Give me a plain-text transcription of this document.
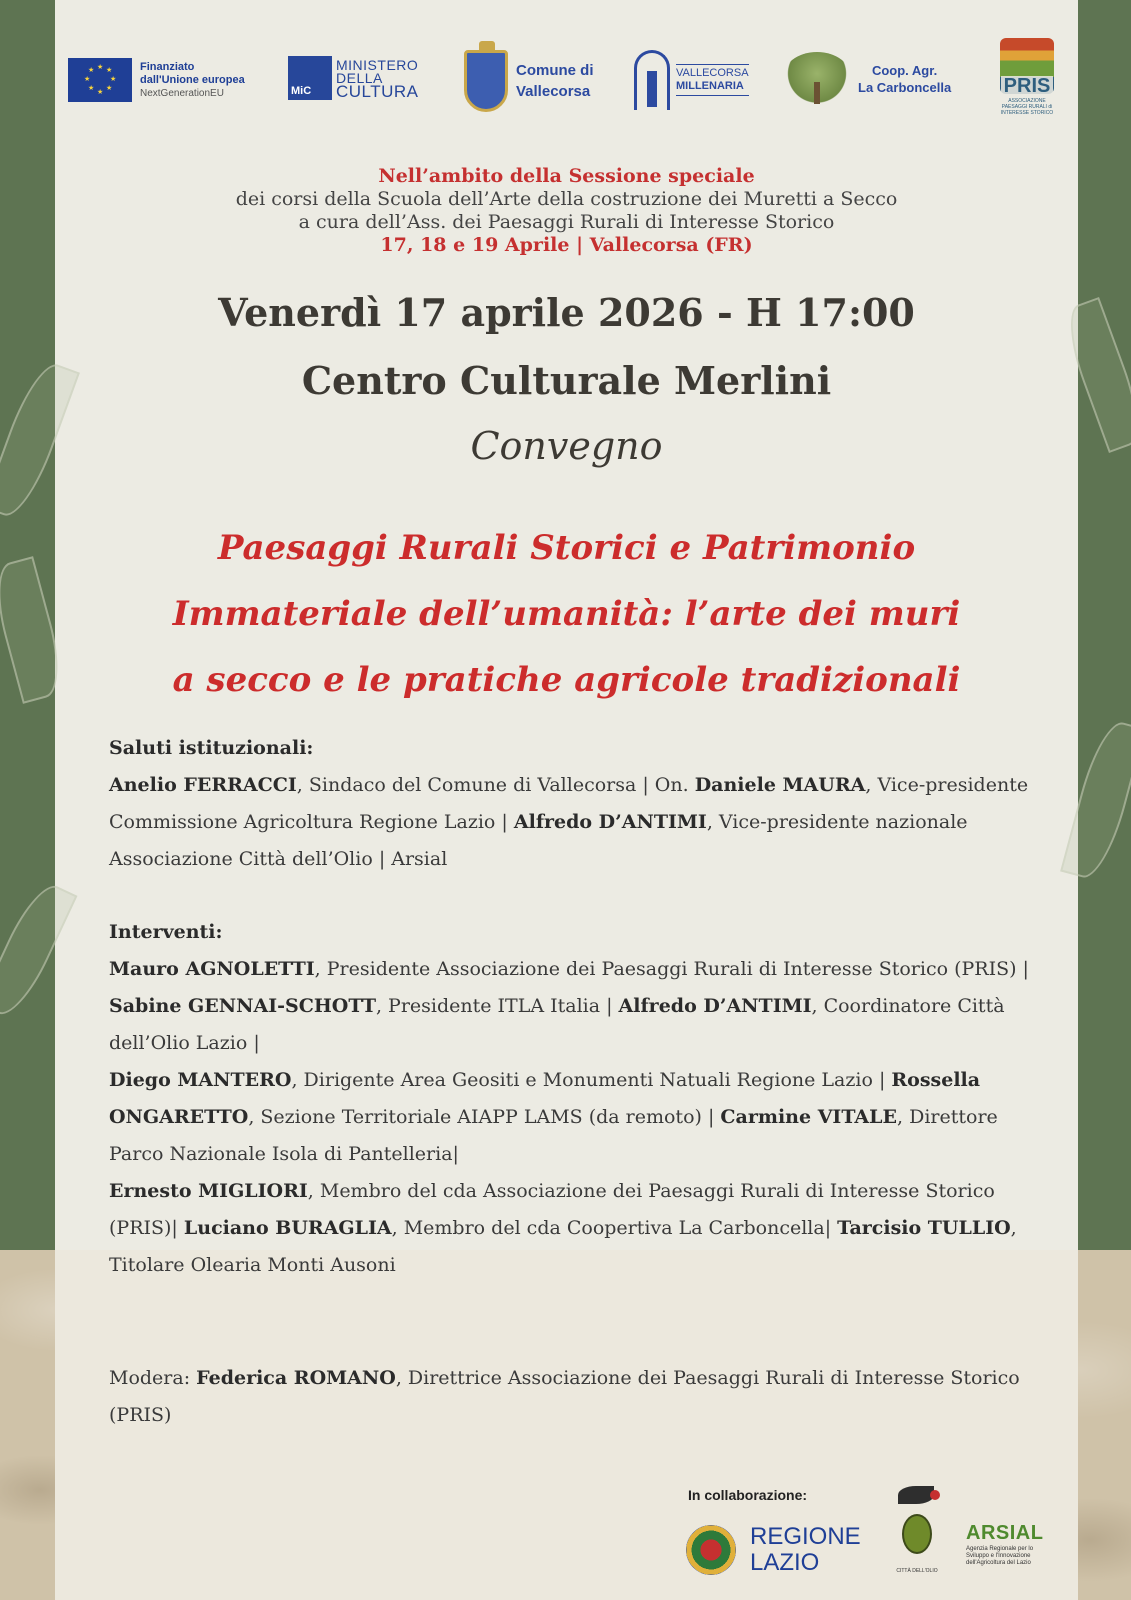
★ ★
★
★
★
★
★
★	Finanziato
dall'Unione europea
NextGenerationEU	MiC
MINISTERO
DELLA
CULTURA
Comune di
Vallecorsa
VALLECORSA
MILLENARIA
Coop. Agr.
La Carboncella	PRIS
ASSOCIAZIONE
PAESAGGI RURALI di
INTERESSE STORICO
Nell’ambito della Sessione speciale
dei corsi della Scuola dell’Arte della costruzione dei Muretti a Secco
a cura dell’Ass. dei Paesaggi Rurali di Interesse Storico
17, 18 e 19 Aprile | Vallecorsa (FR)
Venerdì 17 aprile 2026 - H 17:00
Centro Culturale Merlini
Convegno
Paesaggi Rurali Storici e Patrimonio
Immateriale dell’umanità: l’arte dei muri
a secco e le pratiche agricole tradizionali
Saluti istituzionali:
Anelio FERRACCI, Sindaco del Comune di Vallecorsa | On. Daniele MAURA, Vice-presidente Commissione Agricoltura Regione Lazio | Alfredo D’ANTIMI, Vice-presidente nazionale Associazione Città dell’Olio | Arsial
Interventi:
Mauro AGNOLETTI, Presidente Associazione dei Paesaggi Rurali di Interesse Storico (PRIS) |
Sabine GENNAI-SCHOTT, Presidente ITLA Italia | Alfredo D’ANTIMI, Coordinatore Città dell’Olio Lazio |
Diego MANTERO, Dirigente Area Geositi e Monumenti Natuali Regione Lazio | Rossella ONGARETTO, Sezione Territoriale AIAPP LAMS (da remoto) | Carmine VITALE, Direttore Parco Nazionale Isola di Pantelleria|
Ernesto MIGLIORI, Membro del cda Associazione dei Paesaggi Rurali di Interesse Storico (PRIS)| Luciano BURAGLIA, Membro del cda Coopertiva La Carboncella| Tarcisio TULLIO, Titolare Olearia Monti Ausoni
Modera: Federica ROMANO, Direttrice Associazione dei Paesaggi Rurali di Interesse Storico (PRIS)
In collaborazione:
REGIONE
LAZIO	CITTÀ DELL'OLIO
ARSIAL
Agenzia Regionale per lo Sviluppo e l'Innovazione dell'Agricoltura del Lazio
